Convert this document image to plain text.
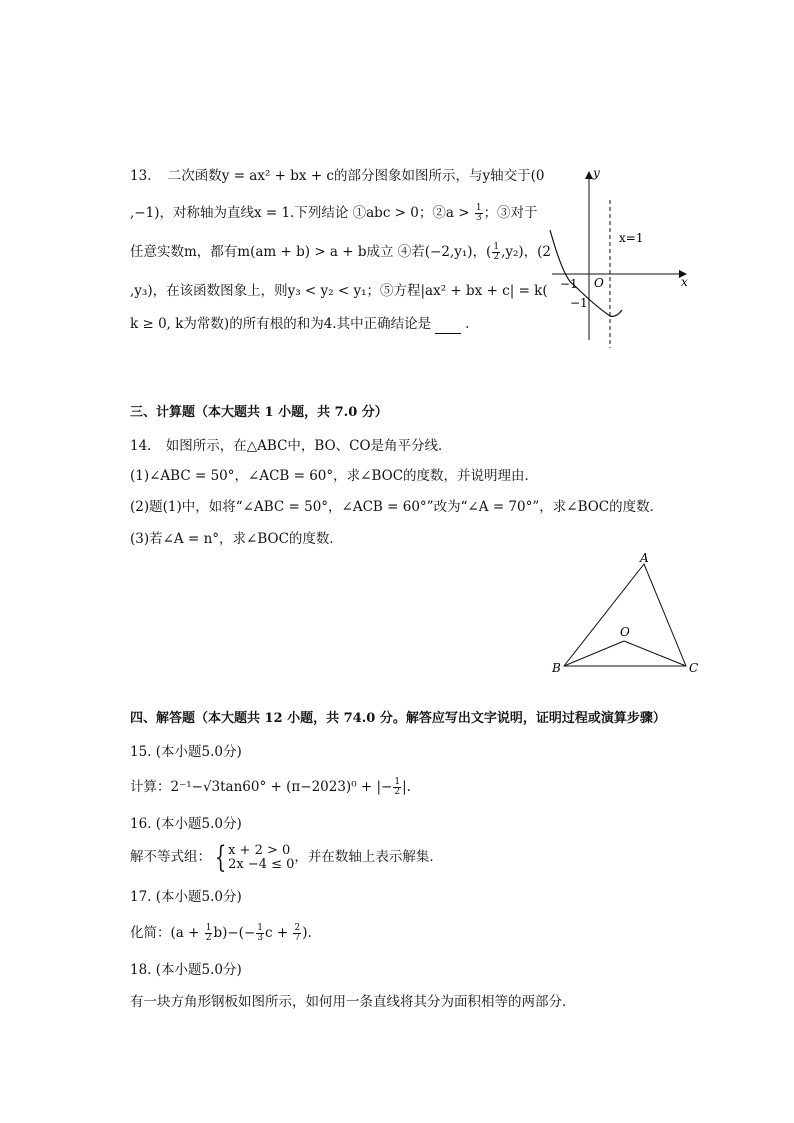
13. 二次函数y = ax² + bx + c的部分图象如图所示，与y轴交于(0
,−1)，对称轴为直线x = 1.下列结论 ①abc > 0；②a > $\frac{1}{3}$ ；③对于
任意实数m，都有m(am + b) > a + b成立 ④若(−2,y₁)，( $\frac{1}{2} ,y_2$)，(2
,y₃)，在该函数图象上，则y₃ < y₂ < y₁；⑤方程|ax² + bx + c| = k(
k ≥ 0, k为常数)的所有根的和为4.其中正确结论是	.
y
x
O
−1
−1
x=1
三、计算题（本大题共 1 小题，共 7.0 分）
14. 如图所示，在△ABC中，BO、CO是角平分线．
(1)∠ABC = 50°，∠ACB = 60°，求∠BOC的度数，并说明理由．
(2)题(1)中，如将“∠ABC = 50°，∠ACB = 60°”改为“∠A = 70°”，求∠BOC的度数．
(3)若∠A = n°，求∠BOC的度数．
A
B	C
O
四、解答题（本大题共 12 小题，共 74.0 分。解答应写出文字说明，证明过程或演算步骤）
15. (本小题5.0分)
计算：2⁻¹−√3tan60° + (π−2023)⁰ + |− $\frac{1}{2}$ |.
16. (本小题5.0分)
解不等式组： { x + 2 > 0
2x −4 ≤ 0 ，并在数轴上表示解集．
17. (本小题5.0分)
化简：$(a + \frac{1}{2} b)-(- \frac{1}{3}$ $c + \frac{2}{7}$ ).
18. (本小题5.0分)
有一块方角形钢板如图所示，如何用一条直线将其分为面积相等的两部分．
